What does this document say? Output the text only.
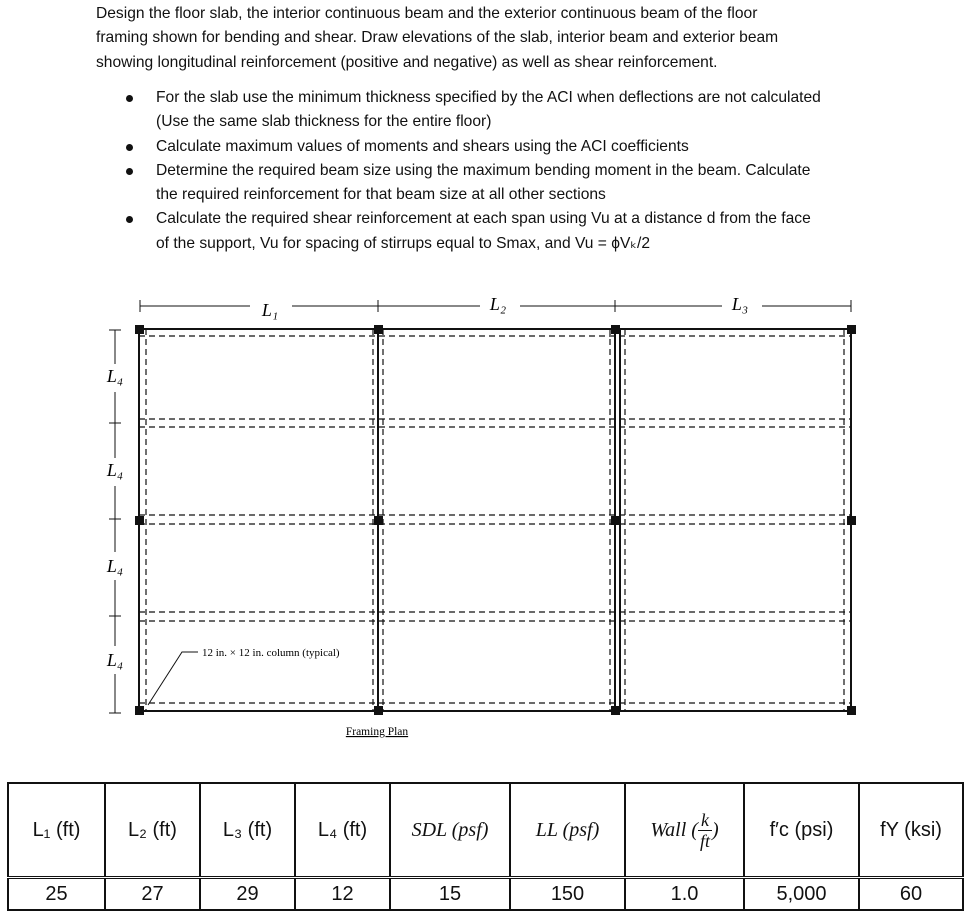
Design the floor slab, the interior continuous beam and the exterior continuous beam of the floor

framing shown for bending and shear. Draw elevations of the slab, interior beam and exterior beam

showing longitudinal reinforcement (positive and negative) as well as shear reinforcement.

For the slab use the minimum thickness specified by the ACI when deflections are not calculated
(Use the same slab thickness for the entire floor)
Calculate maximum values of moments and shears using the ACI coefficients
Determine the required beam size using the maximum bending moment in the beam. Calculate
the required reinforcement for that beam size at all other sections
Calculate the required shear reinforcement at each span using Vu at a distance d from the face
of the support, Vu for spacing of stirrups equal to Smax, and Vu = ϕVₖ/2
L₁	L₂	L₃
L₄
L₄
L₄
L₄	12 in. × 12 in. column (typical)
Framing Plan
L₁ (ft)	L₂ (ft)	L₃ (ft)	L₄ (ft)	SDL (psf)	LL (psf)	Wall ( $\frac{k}{ft}$ )	f′c (psi)	fY (ksi)
25	27	29	12	15	150	1.0	5,000	60
